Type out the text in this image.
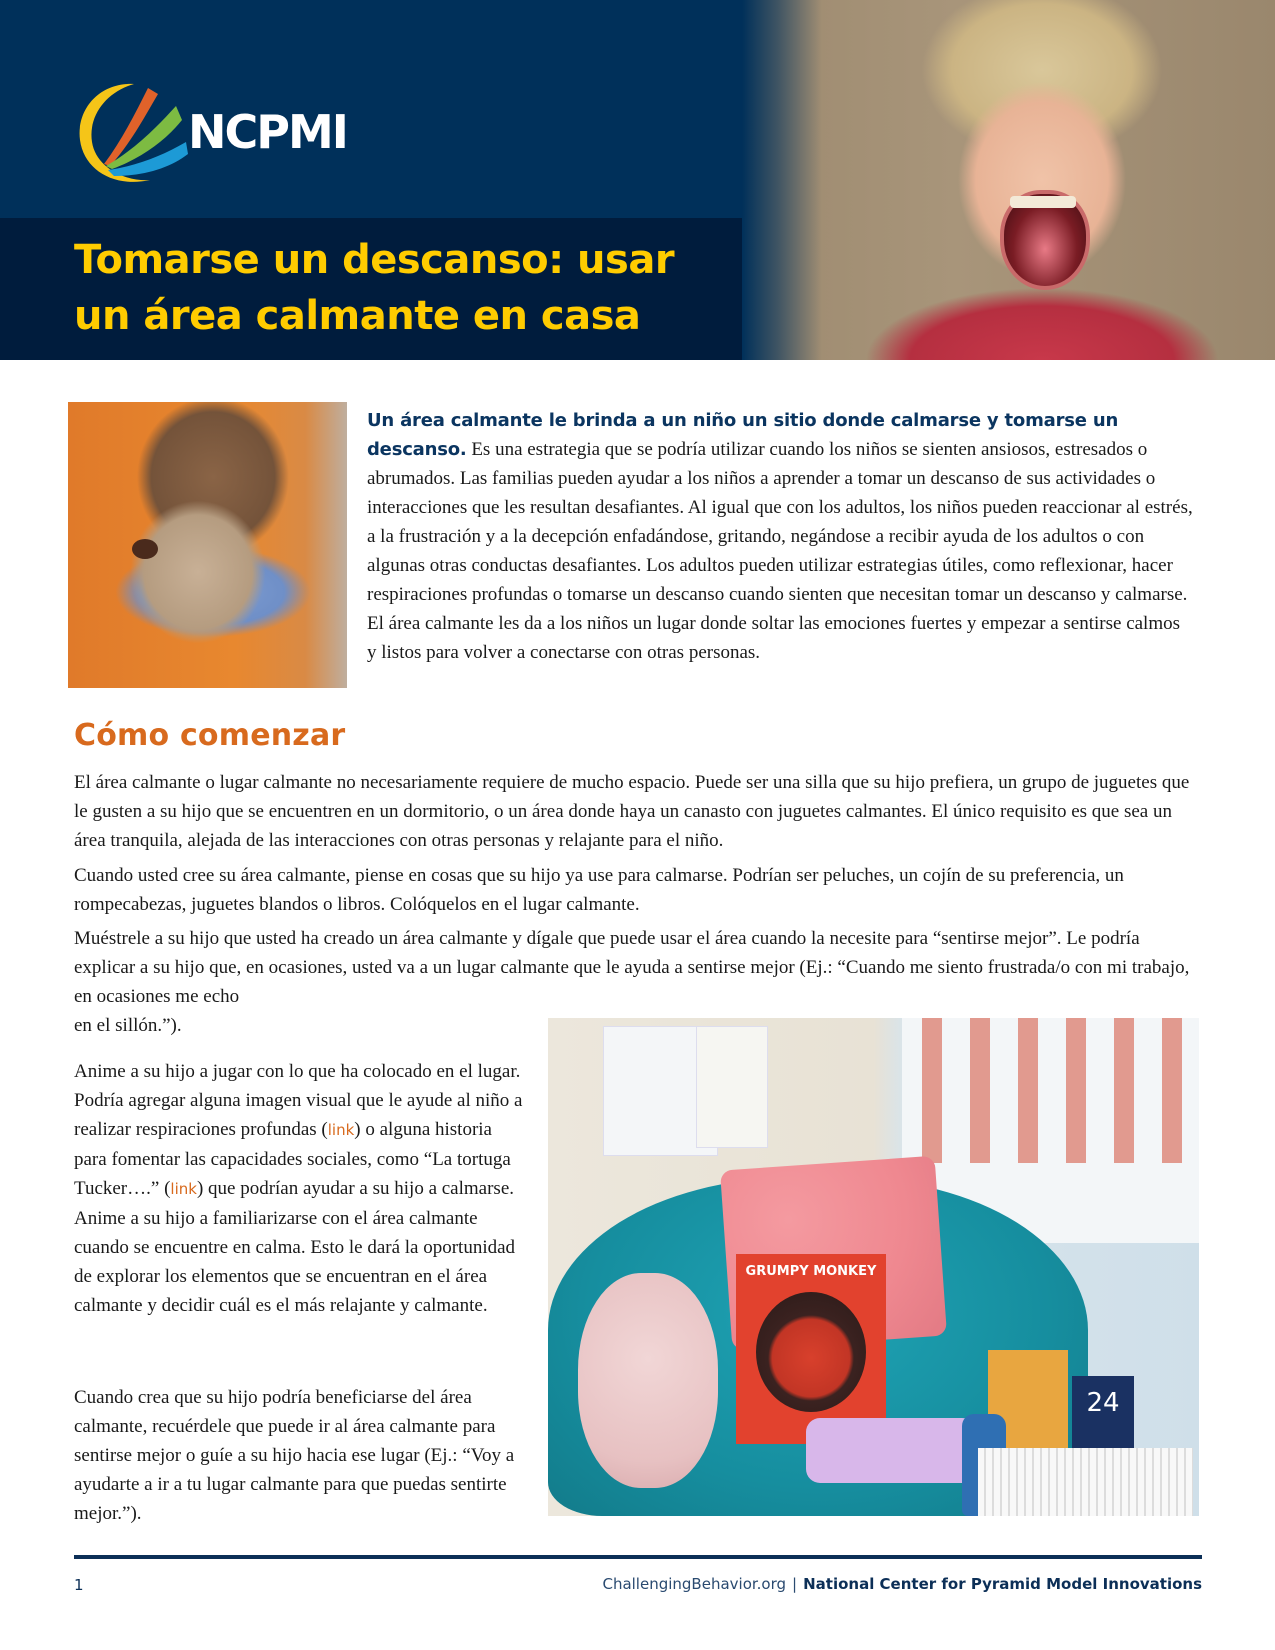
NCPMI
Tomarse un descanso: usar
un área calmante en casa

Un área calmante le brinda a un niño un sitio donde calmarse y tomarse un descanso. Es una estrategia que se podría utilizar cuando los niños se sienten ansiosos, estresados o abrumados. Las familias pueden ayudar a los niños a aprender a tomar un descanso de sus actividades o interacciones que les resultan desafiantes. Al igual que con los adultos, los niños pueden reaccionar al estrés, a la frustración y a la decepción enfadándose, gritando, negándose a recibir ayuda de los adultos o con algunas otras conductas desafiantes. Los adultos pueden utilizar estrategias útiles, como reflexionar, hacer respiraciones profundas o tomarse un descanso cuando sienten que necesitan tomar un descanso y calmarse. El área calmante les da a los niños un lugar donde soltar las emociones fuertes y empezar a sentirse calmos y listos para volver a conectarse con otras personas.

Cómo comenzar

El área calmante o lugar calmante no necesariamente requiere de mucho espacio. Puede ser una silla que su hijo prefiera, un grupo de juguetes que le gusten a su hijo que se encuentren en un dormitorio, o un área donde haya un canasto con juguetes calmantes. El único requisito es que sea un área tranquila, alejada de las interacciones con otras personas y relajante para el niño.

Cuando usted cree su área calmante, piense en cosas que su hijo ya use para calmarse. Podrían ser peluches, un cojín de su preferencia, un rompecabezas, juguetes blandos o libros. Colóquelos en el lugar calmante.

Muéstrele a su hijo que usted ha creado un área calmante y dígale que puede usar el área cuando la necesite para “sentirse mejor”. Le podría explicar a su hijo que, en ocasiones, usted va a un lugar calmante que le ayuda a sentirse mejor (Ej.: “Cuando me siento frustrada/o con mi trabajo, en ocasiones me echo
en el sillón.”).

Anime a su hijo a jugar con lo que ha colocado en el lugar. Podría agregar alguna imagen visual que le ayude al niño a realizar respiraciones profundas (link) o alguna historia para fomentar las capacidades sociales, como “La tortuga Tucker….” (link) que podrían ayudar a su hijo a calmarse. Anime a su hijo a familiarizarse con el área calmante cuando se encuentre en calma. Esto le dará la oportunidad de explorar los elementos que se encuentran en el área calmante y decidir cuál es el más relajante y calmante.

Cuando crea que su hijo podría beneficiarse del área calmante, recuérdele que puede ir al área calmante para sentirse mejor o guíe a su hijo hacia ese lugar (Ej.: “Voy a ayudarte a ir a tu lugar calmante para que puedas sentirte mejor.”).

GRUMPY MONKEY
24
1	ChallengingBehavior.org | National Center for Pyramid Model Innovations
